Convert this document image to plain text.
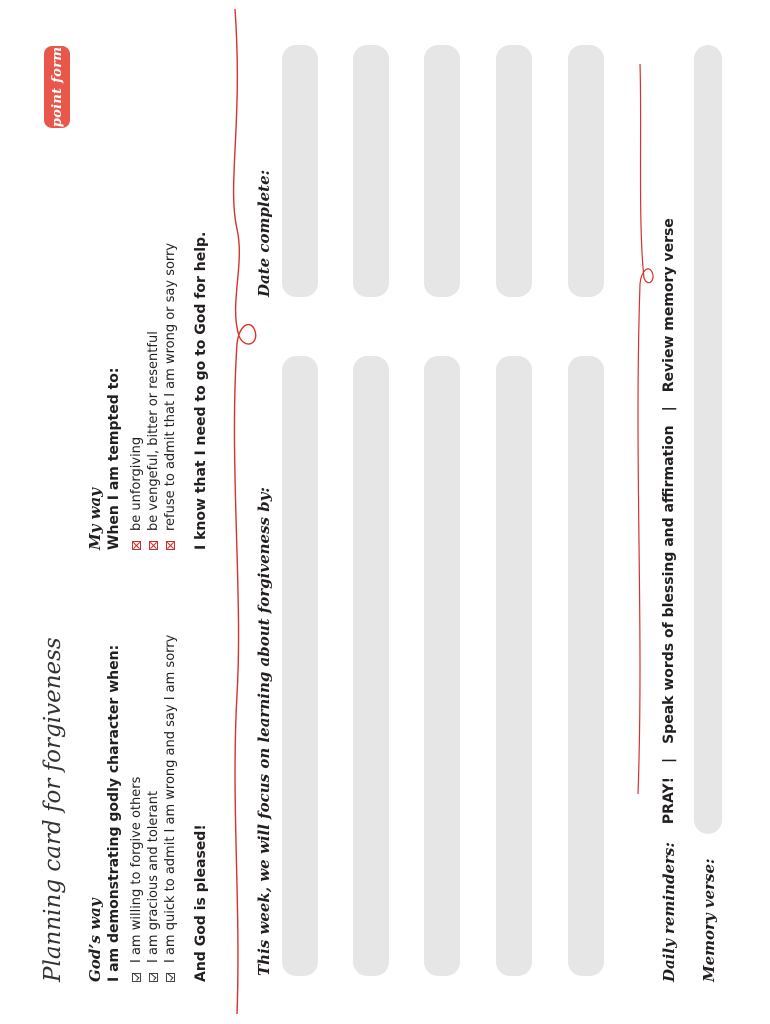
Planning card for forgiveness
point form
God’s way I am demonstrating godly character when: I am willing to forgive others I am gracious and tolerant I am quick to admit I am wrong and say I am sorry And God is pleased!
My way When I am tempted to: be unforgiving be vengeful, bitter or resentful refuse to admit that I am wrong or say sorry I know that I need to go to God for help.
This week, we will focus on learning about forgiveness by:
Date complete:
Daily reminders:
PRAY!
|
Speak words of blessing and affirmation
|
Review memory verse
Memory verse:
